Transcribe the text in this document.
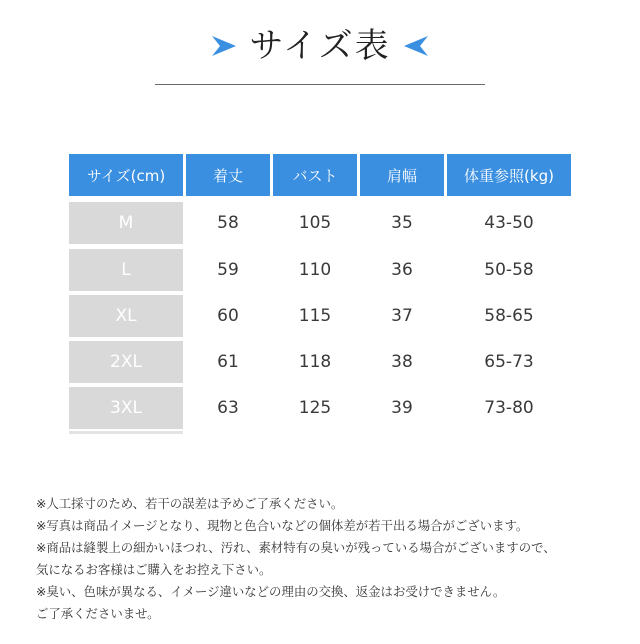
サイズ表
サイズ(cm)	着丈	バスト	肩幅	体重参照(kg)
M	58	105	35	43-50
L	59	110	36	50-58
XL	60	115	37	58-65
2XL	61	118	38	65-73
3XL	63	125	39	73-80
※人工採寸のため、若干の誤差は予めご了承ください。
※写真は商品イメージとなり、現物と色合いなどの個体差が若干出る場合がございます。
※商品は縫製上の細かいほつれ、汚れ、素材特有の臭いが残っている場合がございますので、
気になるお客様はご購入をお控え下さい。
※臭い、色味が異なる、イメージ違いなどの理由の交換、返金はお受けできません。
ご了承くださいませ。
